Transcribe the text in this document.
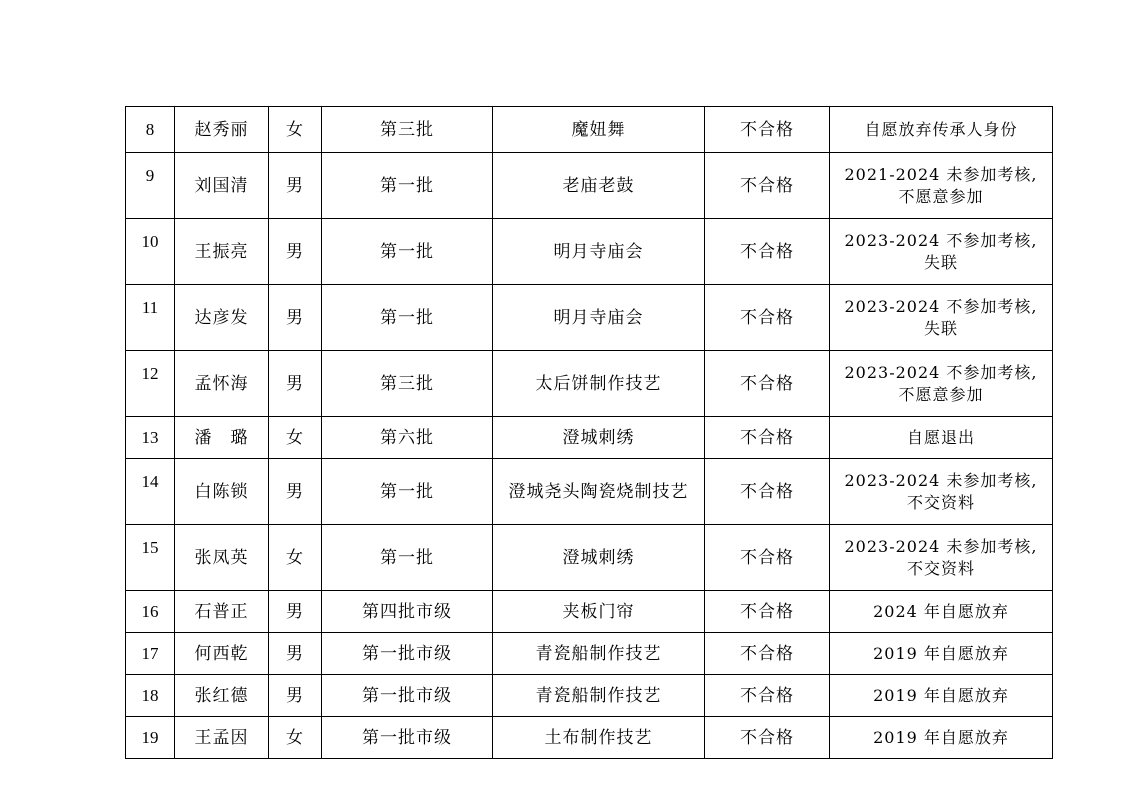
8	赵秀丽	女	第三批	魔妞舞	不合格	自愿放弃传承人身份

9	刘国清	男	第一批	老庙老鼓	不合格	2021-2024 未参加考核,
不愿意参加

10	王振亮	男	第一批	明月寺庙会	不合格	2023-2024 不参加考核,
失联

11	达彦发	男	第一批	明月寺庙会	不合格	2023-2024 不参加考核,
失联

12	孟怀海	男	第三批	太后饼制作技艺	不合格	2023-2024 不参加考核,
不愿意参加

13	潘　璐	女	第六批	澄城刺绣	不合格	自愿退出

14	白陈锁	男	第一批	澄城尧头陶瓷烧制技艺	不合格	2023-2024 未参加考核,
不交资料

15	张凤英	女	第一批	澄城刺绣	不合格	2023-2024 未参加考核,
不交资料

16	石普正	男	第四批市级	夹板门帘	不合格	2024 年自愿放弃

17	何西乾	男	第一批市级	青瓷船制作技艺	不合格	2019 年自愿放弃

18	张红德	男	第一批市级	青瓷船制作技艺	不合格	2019 年自愿放弃

19	王孟因	女	第一批市级	土布制作技艺	不合格	2019 年自愿放弃
